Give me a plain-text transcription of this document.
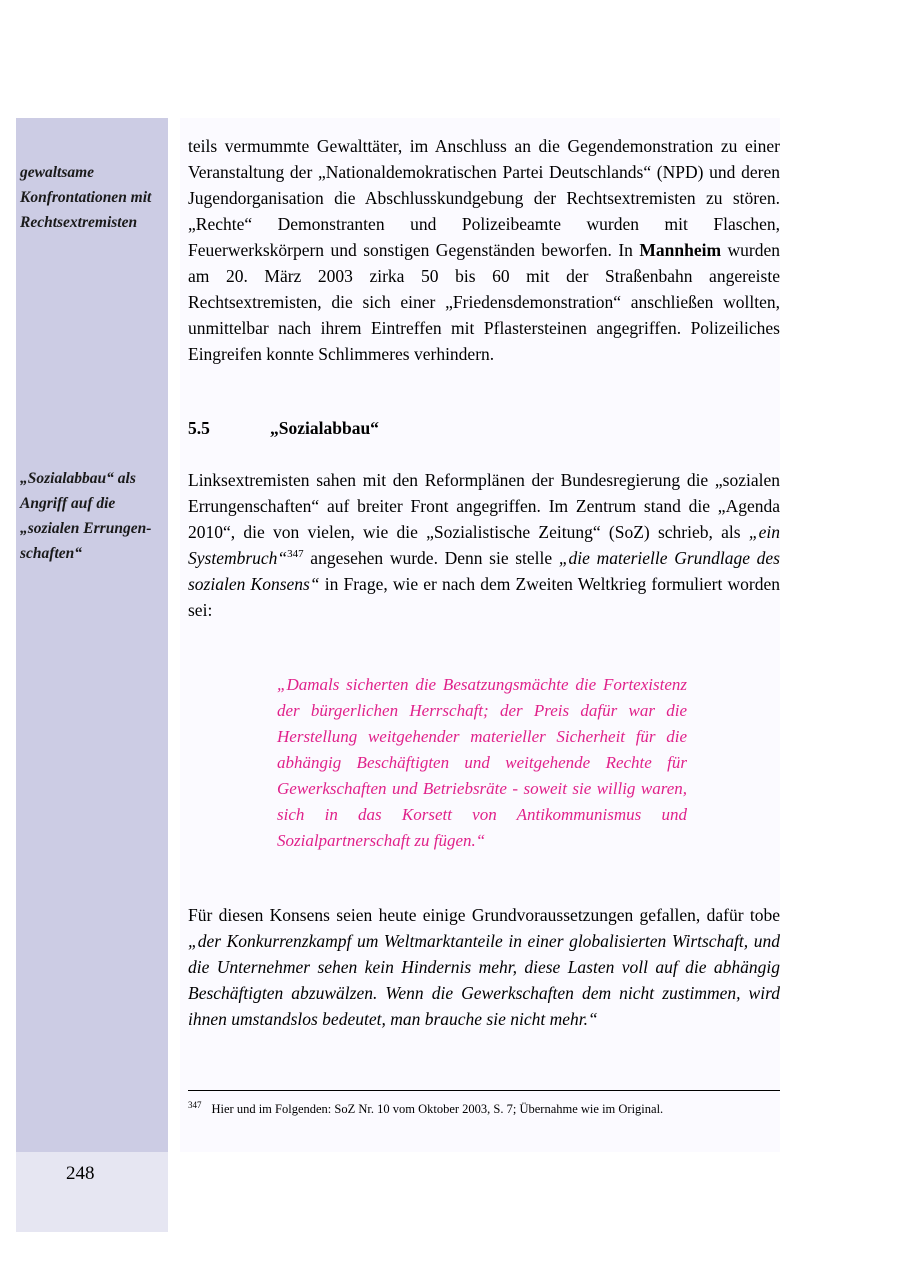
gewaltsame Konfrontationen mit Rechtsextremisten
„Sozialabbau“ als Angriff auf die „sozialen Errungenschaften“
teils vermummte Gewalttäter, im Anschluss an die Gegendemonstration zu einer Veranstaltung der „Nationaldemokratischen Partei Deutschlands“ (NPD) und deren Jugendorganisation die Abschlusskundgebung der Rechtsextremisten zu stören. „Rechte“ Demonstranten und Polizeibeamte wurden mit Flaschen, Feuerwerkskörpern und sonstigen Gegenständen beworfen. In Mannheim wurden am 20. März 2003 zirka 50 bis 60 mit der Straßenbahn angereiste Rechtsextremisten, die sich einer „Friedensdemonstration“ anschließen wollten, unmittelbar nach ihrem Eintreffen mit Pflastersteinen angegriffen. Polizeiliches Eingreifen konnte Schlimmeres verhindern.
5.5	„Sozialabbau“
Linksextremisten sahen mit den Reformplänen der Bundesregierung die „sozialen Errungenschaften“ auf breiter Front angegriffen. Im Zentrum stand die „Agenda 2010“, die von vielen, wie die „Sozialistische Zeitung“ (SoZ) schrieb, als „ein Systembruch“$^{347}$ angesehen wurde. Denn sie stelle „die materielle Grundlage des sozialen Konsens“ in Frage, wie er nach dem Zweiten Weltkrieg formuliert worden sei:
„Damals sicherten die Besatzungsmächte die Fortexistenz der bürgerlichen Herrschaft; der Preis dafür war die Herstellung weitgehender materieller Sicherheit für die abhängig Beschäftigten und weitgehende Rechte für Gewerkschaften und Betriebsräte - soweit sie willig waren, sich in das Korsett von Antikommunismus und Sozialpartnerschaft zu fügen.“
Für diesen Konsens seien heute einige Grundvoraussetzungen gefallen, dafür tobe „der Konkurrenzkampf um Weltmarktanteile in einer globalisierten Wirtschaft, und die Unternehmer sehen kein Hindernis mehr, diese Lasten voll auf die abhängig Beschäftigten abzuwälzen. Wenn die Gewerkschaften dem nicht zustimmen, wird ihnen umstandslos bedeutet, man brauche sie nicht mehr.“
$^{347}$ Hier und im Folgenden: SoZ Nr. 10 vom Oktober 2003, S. 7; Übernahme wie im Original.
248
